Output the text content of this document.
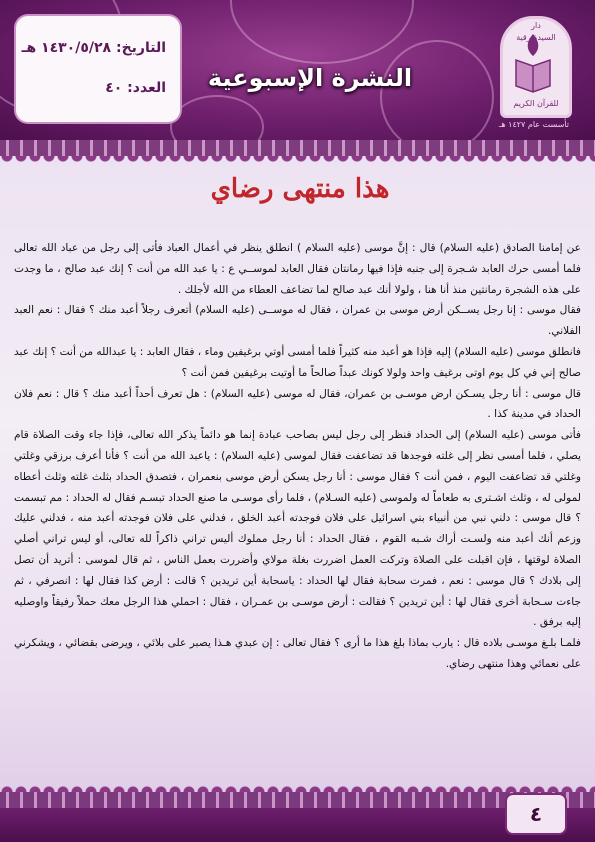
التاريخ: ١٤٣٠/٥/٢٨ هـ
العدد: ٤٠	النشرة الإسبوعية
دار
السيدة رقية
للقرآن الكريم
تأسست عام ١٤٢٧ هـ
هذا منتهى رضاي

عن إمامنا الصادق (عليه السلام) قال : إنَّ موسى (عليه السلام ) انطلق ينظر في أعمال العباد فأتى إلى رجل من عباد الله تعالى فلما أمسى حرك العابد شـجرة إلى جنبه فإذا فيها رمانتان فقال العابد لموســي ع : يا عبد الله من أنت ؟ إنك عبد صالح ، ما وجدت على هذه الشجرة رمانتين منذ أنا هنا ، ولولا أنك عبد صالح لما تضاعف العطاء من الله لأجلك .

فقال موسى : إنا رجل يســكن أرض موسى بن عمران ، فقال له موســى (عليه السلام) أتعرف رجلاً أعبد منك ؟ فقال : نعم العبد الفلاني.

فانطلق موسى (عليه السلام) إليه فإذا هو أعبد منه كثيراً فلما أمسى أوتي برغيفين وماء ، فقال العابد : يا عبدالله من أنت ؟ إنك عبد صالح إني في كل يوم اوتى برغيف واحد ولولا كونك عبداً صالحاً ما أوتيت برغيفين فمن أنت ؟

قال موسى : أنا رجل يسـكن ارض موسـى بن عمران، فقال له موسى (عليه السلام) : هل تعرف أحداً أعبد منك ؟ قال : نعم فلان الحداد في مدينة كذا .

فأتى موسى (عليه السلام) إلى الحداد فنظر إلى رجل ليس بصاحب عبادة إنما هو دائماً يذكر الله تعالى، فإذا جاء وقت الصلاة قام يصلي ، فلما أمسى نظر إلى غلته فوجدها قد تضاعفت فقال لموسى (عليه السلام) : ياعبد الله من أنت ؟ فأنا أعرف برزقي وغلتي وغلتي قد تضاعفت اليوم ، فمن أنت ؟ فقال موسى : أنا رجل يسكن أرض موسى بنعمران ، فتصدق الحداد بثلث غلته وثلث أعطاه لمولى له ، وثلث اشـترى به طعاماً له ولموسى (عليه السـلام) ، فلما رأى موسـى ما صنع الحداد تبسـم فقال له الحداد : مم تبسمت ؟ قال موسى : دلني نبي من أنبياء بني اسرائيل على فلان فوجدته أعبد الخلق ، فدلني على فلان فوجدته أعبد منه ، فدلني عليك وزعم أنك أعبد منه ولسـت أراك شـبه القوم ، فقال الحداد : أنا رجل مملوك أليس تراني ذاكراً لله تعالى، أو ليس تراني أصلي الصلاة لوقتها ، فإن اقبلت على الصلاة وتركت العمل اضررت بغلة مولاي وأضررت بعمل الناس ، ثم قال لموسى : أتريد أن تصل إلى بلادك ؟ قال موسى : نعم ، فمرت سحابة فقال لها الحداد : ياسحابة أين تريدين ؟ قالت : أرض كذا فقال لها : انصرفي ، ثم جاءت سـحابة أخرى فقال لها : أين تريدين ؟ فقالت : أرض موسـى بن عمـران ، فقال : احملي هذا الرجل معك حملاً رفيقاً واوصليه إليه برفق .

فلمـا بلـغ موسـى بلاده قال : يارب بماذا بلغ هذا ما أرى ؟ فقال تعالى : إن عبدي هـذا يصبر على بلائي ، ويرضى بقضائي ، ويشكرني على نعمائي وهذا منتهى رضاي.

٤
